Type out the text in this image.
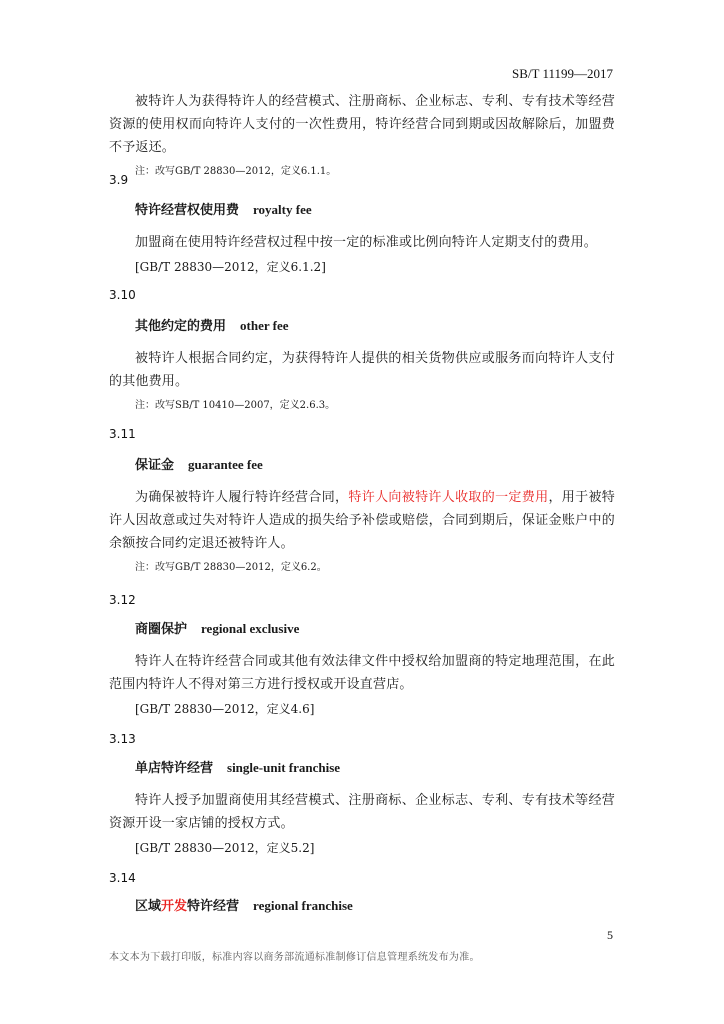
SB/T 11199—2017

被特许人为获得特许人的经营模式、注册商标、企业标志、专利、专有技术等经营资源的使用权而向特许人支付的一次性费用，特许经营合同到期或因故解除后，加盟费不予返还。

注：改写GB/T 28830—2012，定义6.1.1。

3.9

特许经营权使用费 royalty fee

加盟商在使用特许经营权过程中按一定的标准或比例向特许人定期支付的费用。

[GB/T 28830—2012，定义6.1.2]

3.10

其他约定的费用 other fee

被特许人根据合同约定，为获得特许人提供的相关货物供应或服务而向特许人支付的其他费用。

注：改写SB/T 10410—2007，定义2.6.3。

3.11

保证金 guarantee fee

为确保被特许人履行特许经营合同，特许人向被特许人收取的一定费用，用于被特许人因故意或过失对特许人造成的损失给予补偿或赔偿，合同到期后，保证金账户中的余额按合同约定退还被特许人。

注：改写GB/T 28830—2012，定义6.2。

3.12

商圈保护 regional exclusive

特许人在特许经营合同或其他有效法律文件中授权给加盟商的特定地理范围，在此范围内特许人不得对第三方进行授权或开设直营店。

[GB/T 28830—2012，定义4.6]

3.13

单店特许经营 single-unit franchise

特许人授予加盟商使用其经营模式、注册商标、企业标志、专利、专有技术等经营资源开设一家店铺的授权方式。

[GB/T 28830—2012，定义5.2]

3.14

区域开发特许经营 regional franchise

5
本文本为下载打印版，标准内容以商务部流通标准制修订信息管理系统发布为准。
